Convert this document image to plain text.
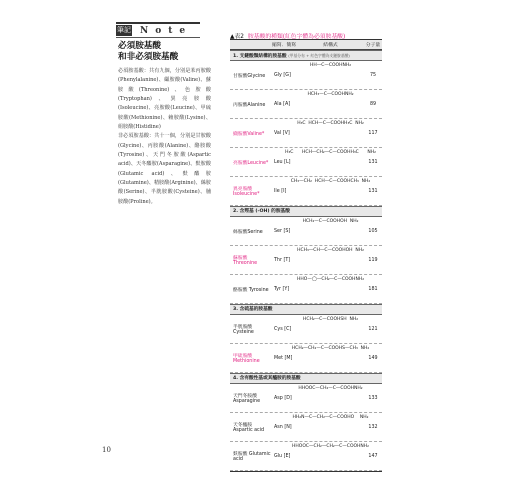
筆記 Note
必須胺基酸
和非必須胺基酸
必須胺基酸：共有九個，分別是苯丙胺酸(Phenylalanine)、纈胺酸(Valine)、蘇胺酸(Threonine)、色胺酸(Tryptophan)、異亮胺酸(Isoleucine)、亮胺酸(Leucine)、甲硫胺酸(Methionine)、賴胺酸(Lysine)、組胺酸(Histidine)
非必須胺基酸：共十一個，分別是甘胺酸(Glycine)、丙胺酸(Alanine)、酪胺酸(Tyrosine)、天門冬胺酸(Aspartic acid)、天冬醯胺(Asparagine)、麩胺酸(Glutamic acid)、麩醯胺(Glutamine)、精胺酸(Arginine)、絲胺酸(Serine)、半胱胺酸(Cysteine)、脯胺酸(Proline)。
10
▲表2 胺基酸的種類(紅色字體為必須胺基酸)
縮寫．簡寫	結構式	分子量
1. 支鏈酸類結構的胺基酸 (甲基分布 + 紅色字體為支鏈胺基酸)
甘胺酸Glycine	Gly [G]
H H—C—COOH NH₂
75
丙胺酸Alanine	Ala [A]
H CH₃—C—COOH NH₂
89
纈胺酸Valine*	Val [V]
H₃C  H CH—C—COOH H₃C  NH₂
117
亮胺酸Leucine*	Leu [L]
H₃C      H CH—CH₂—C—COOH H₃C      NH₂
131
異亮胺酸 Isoleucine*
Ile [I]
CH₃—CH₂  H CH—C—COOH CH₃  NH₂
131
2. 含羥基 (-OH) 的胺基酸
絲胺酸Serine	Ser [S]
H CH₂—C—COOH OH  NH₂
105
蘇胺酸Threonine
Thr [T]
H CH₃—CH—C—COOH OH  NH₂
119
酪胺酸 Tyrosine	Tyr [Y]
H HO—◯—CH₂—C—COOH NH₂
181
3. 含硫基的胺基酸
半胱胺酸 Cysteine
Cys [C]
H CH₂—C—COOH SH  NH₂
121
甲硫胺酸 Methionine
Met [M]
H CH₂—CH₂—C—COOH S—CH₃  NH₂
149
4. 含有酸性基或其醯胺的胺基酸
天門冬胺酸 Asparagine
Asp [D]
H HOOC—CH₂—C—COOH NH₂
133
天冬醯胺 Aspartic acid
Asn [N]
H H₂N—C—CH₂—C—COOH O    NH₂
132
麩胺酸 Glutamic acid
Glu [E]
H HOOC—CH₂—CH₂—C—COOH NH₂
147
